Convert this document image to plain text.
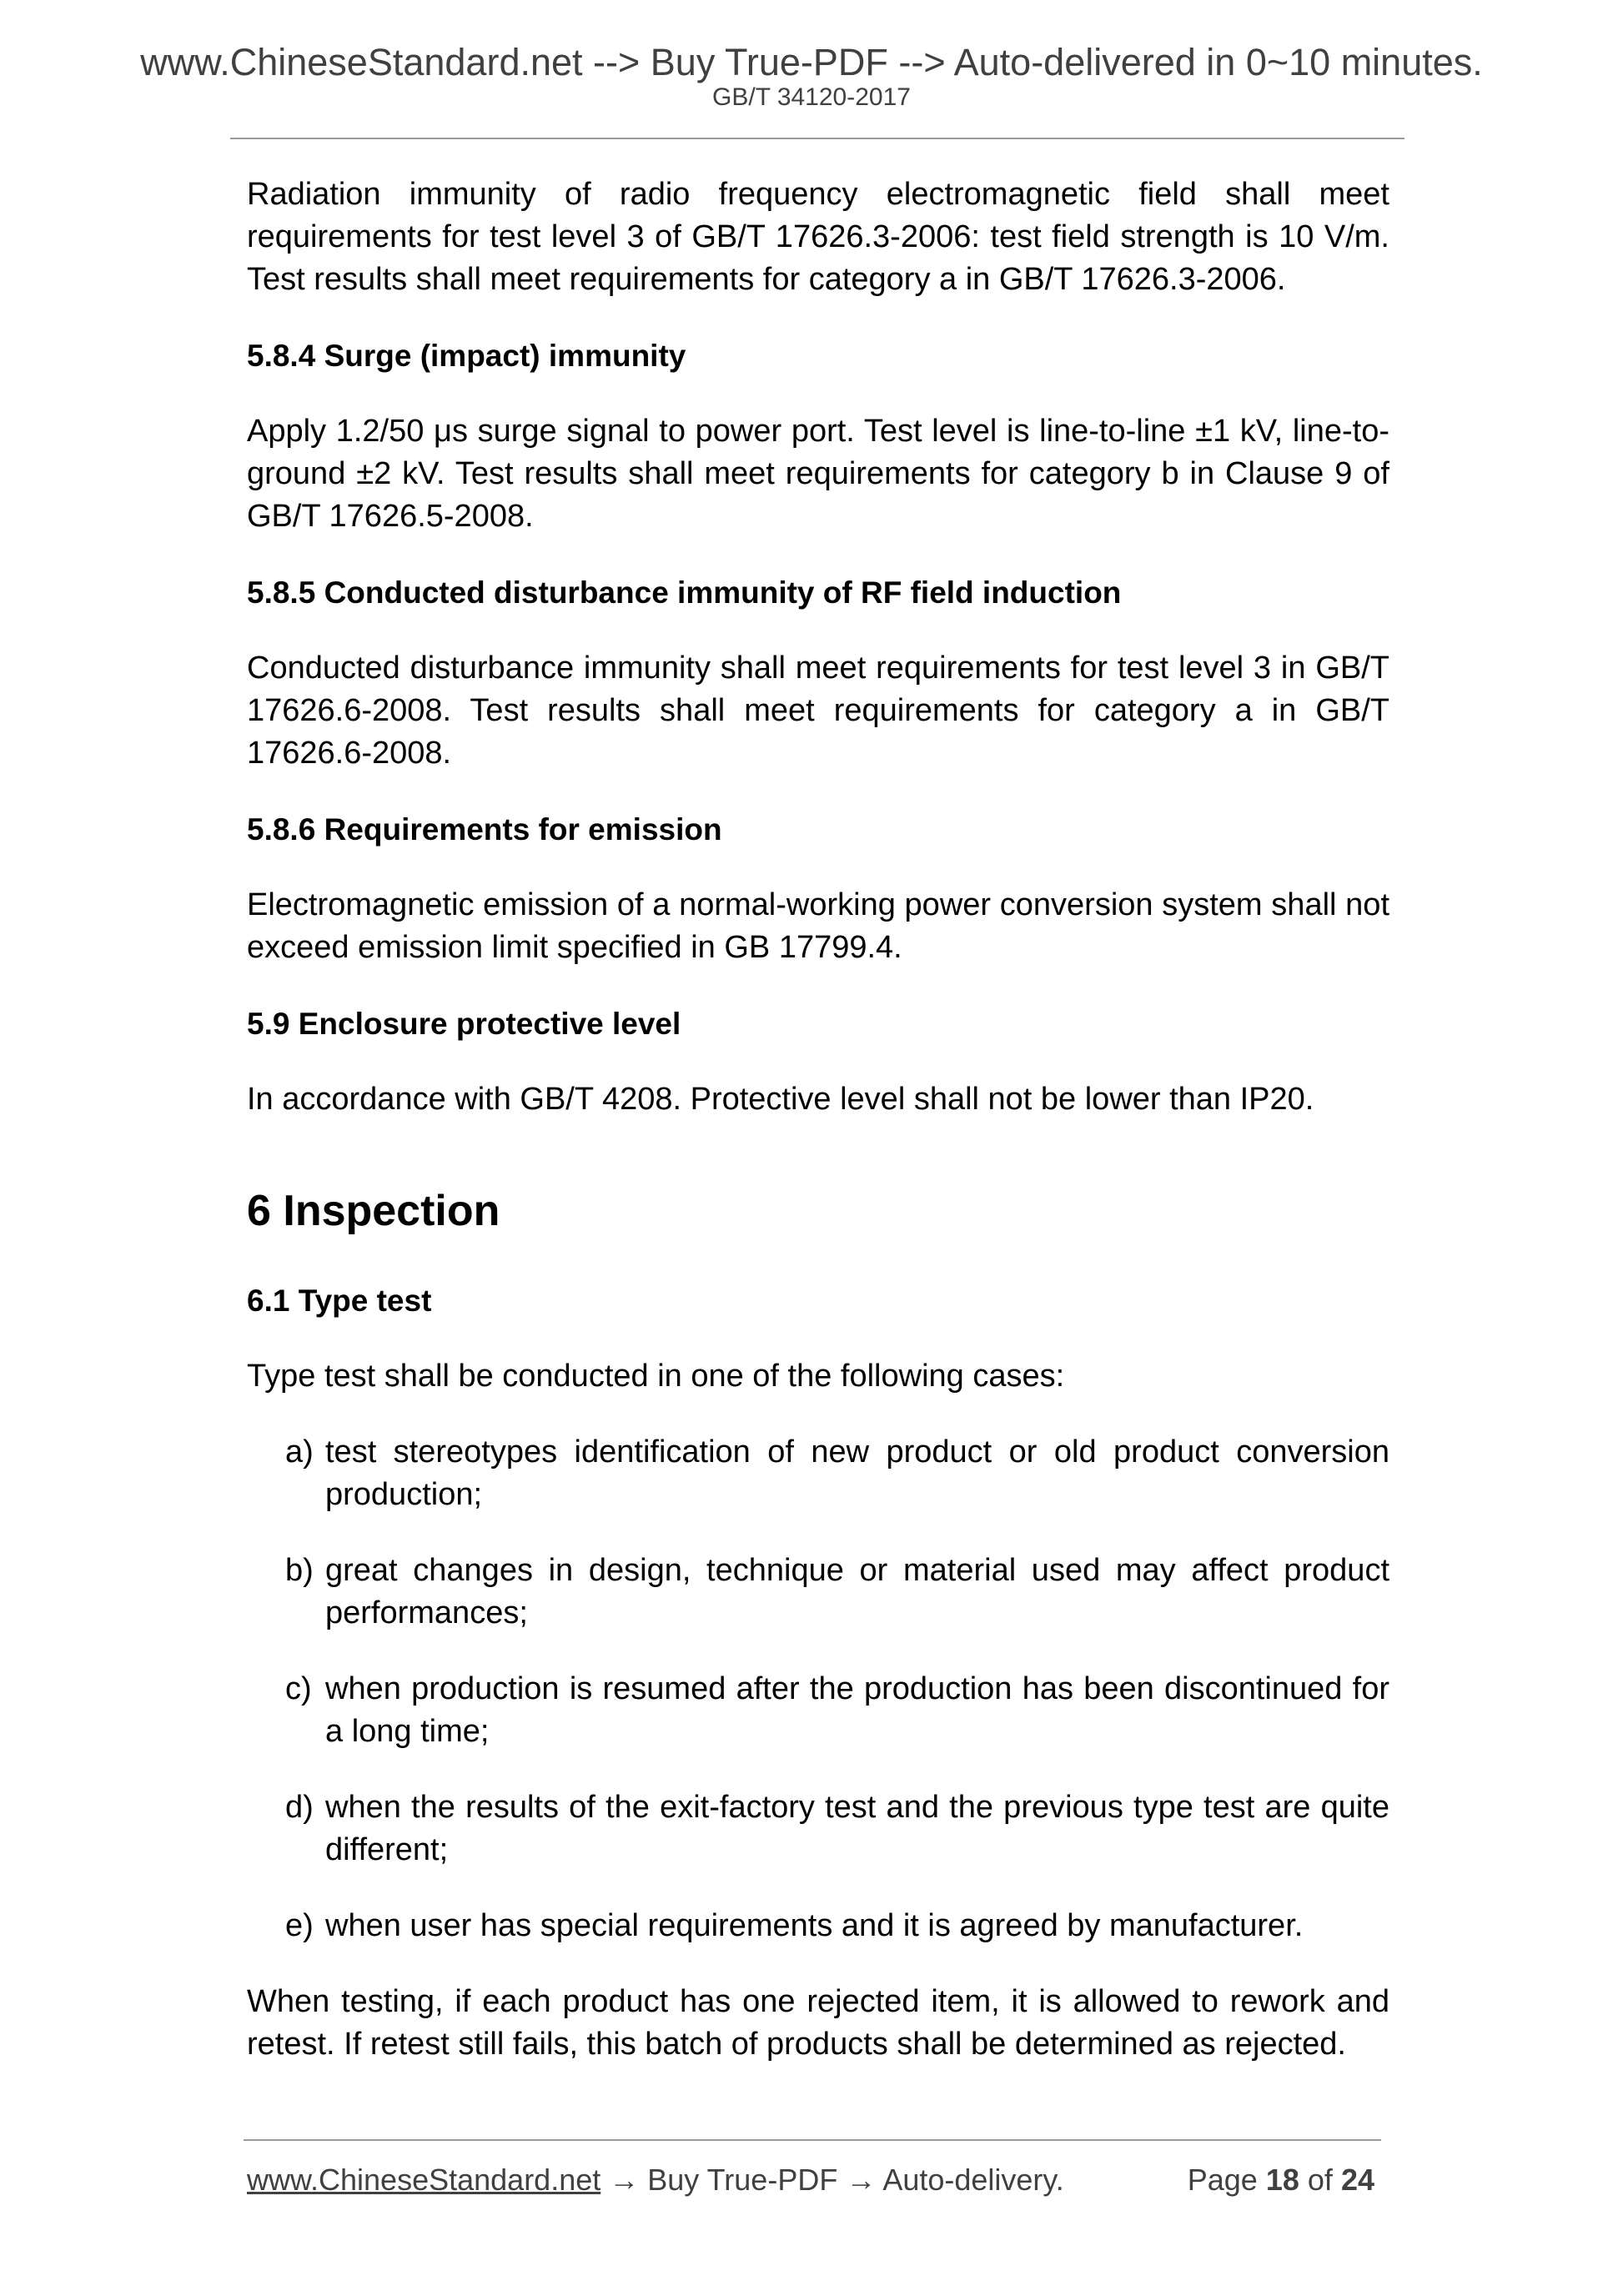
www.ChineseStandard.net --> Buy True-PDF --> Auto-delivered in 0~10 minutes.
GB/T 34120-2017

Radiation immunity of radio frequency electromagnetic field shall meet requirements for test level 3 of GB/T 17626.3-2006: test field strength is 10 V/m. Test results shall meet requirements for category a in GB/T 17626.3-2006.

5.8.4 Surge (impact) immunity

Apply 1.2/50 μs surge signal to power port. Test level is line-to-line ±1 kV, line-to-ground ±2 kV. Test results shall meet requirements for category b in Clause 9 of GB/T 17626.5-2008.

5.8.5 Conducted disturbance immunity of RF field induction

Conducted disturbance immunity shall meet requirements for test level 3 in GB/T 17626.6-2008. Test results shall meet requirements for category a in GB/T 17626.6-2008.

5.8.6 Requirements for emission

Electromagnetic emission of a normal-working power conversion system shall not exceed emission limit specified in GB 17799.4.

5.9 Enclosure protective level

In accordance with GB/T 4208. Protective level shall not be lower than IP20.

6 Inspection
6.1 Type test

Type test shall be conducted in one of the following cases:

a) test stereotypes identification of new product or old product conversion production;
b) great changes in design, technique or material used may affect product performances;
c) when production is resumed after the production has been discontinued for a long time;
d) when the results of the exit-factory test and the previous type test are quite different;
e) when user has special requirements and it is agreed by manufacturer.

When testing, if each product has one rejected item, it is allowed to rework and retest. If retest still fails, this batch of products shall be determined as rejected.

www.ChineseStandard.net → Buy True-PDF → Auto-delivery.	Page 18 of 24
